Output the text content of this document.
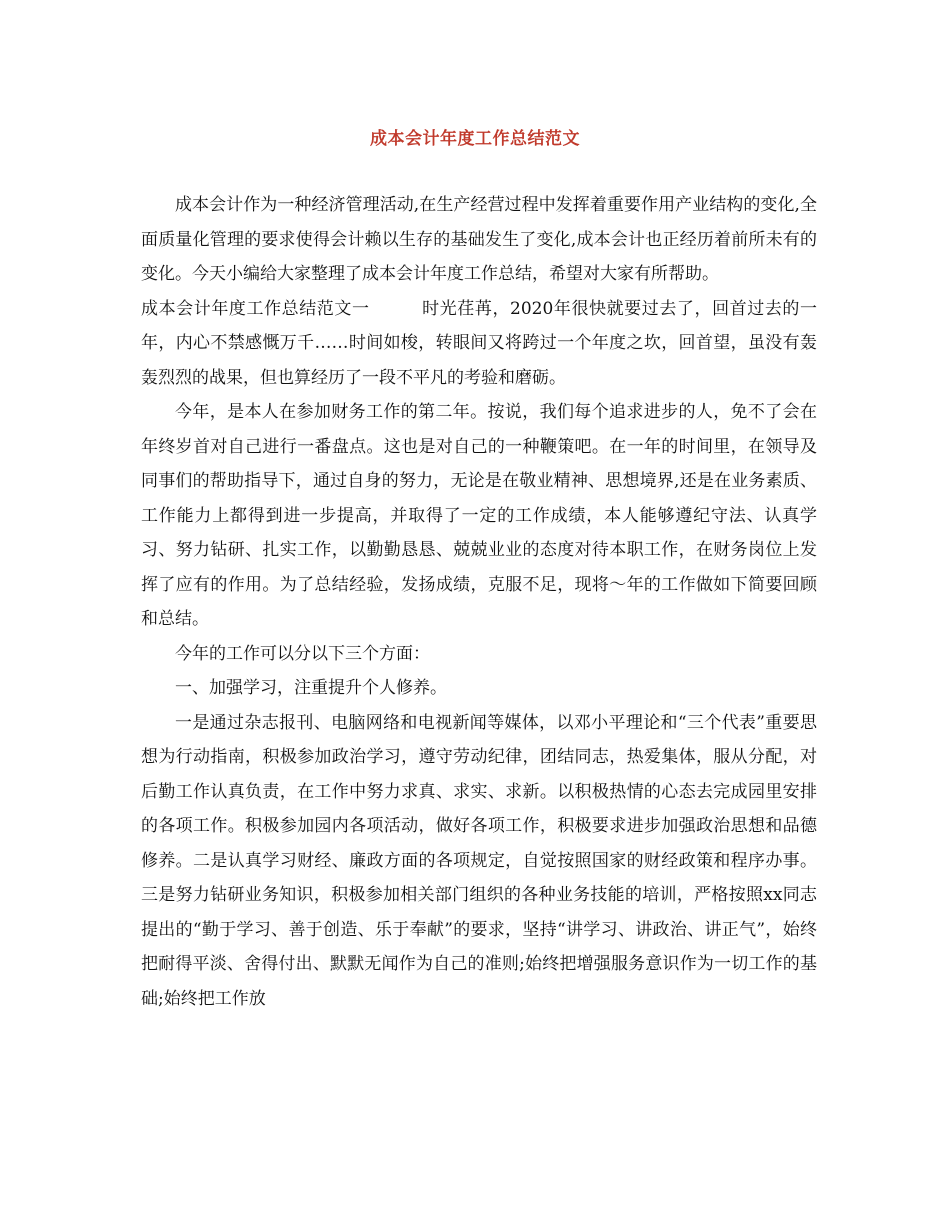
成本会计年度工作总结范文

成本会计作为一种经济管理活动,在生产经营过程中发挥着重要作用产业结构的变化,全面质量化管理的要求使得会计赖以生存的基础发生了变化,成本会计也正经历着前所未有的变化。今天小编给大家整理了成本会计年度工作总结，希望对大家有所帮助。

成本会计年度工作总结范文一	时光荏苒，2020年很快就要过去了，回首过去的一年，内心不禁感慨万千……时间如梭，转眼间又将跨过一个年度之坎，回首望，虽没有轰轰烈烈的战果，但也算经历了一段不平凡的考验和磨砺。

今年，是本人在参加财务工作的第二年。按说，我们每个追求进步的人，免不了会在年终岁首对自己进行一番盘点。这也是对自己的一种鞭策吧。在一年的时间里，在领导及同事们的帮助指导下，通过自身的努力，无论是在敬业精神、思想境界,还是在业务素质、工作能力上都得到进一步提高，并取得了一定的工作成绩，本人能够遵纪守法、认真学习、努力钻研、扎实工作，以勤勤恳恳、兢兢业业的态度对待本职工作，在财务岗位上发挥了应有的作用。为了总结经验，发扬成绩，克服不足，现将～年的工作做如下简要回顾和总结。

今年的工作可以分以下三个方面：

一、加强学习，注重提升个人修养。

一是通过杂志报刊、电脑网络和电视新闻等媒体，以邓小平理论和“三个代表”重要思想为行动指南，积极参加政治学习，遵守劳动纪律，团结同志，热爱集体，服从分配，对后勤工作认真负责，在工作中努力求真、求实、求新。以积极热情的心态去完成园里安排的各项工作。积极参加园内各项活动，做好各项工作，积极要求进步加强政治思想和品德修养。二是认真学习财经、廉政方面的各项规定，自觉按照国家的财经政策和程序办事。三是努力钻研业务知识，积极参加相关部门组织的各种业务技能的培训，严格按照xx同志提出的“勤于学习、善于创造、乐于奉献”的要求，坚持“讲学习、讲政治、讲正气”，始终把耐得平淡、舍得付出、默默无闻作为自己的准则;始终把增强服务意识作为一切工作的基础;始终把工作放
